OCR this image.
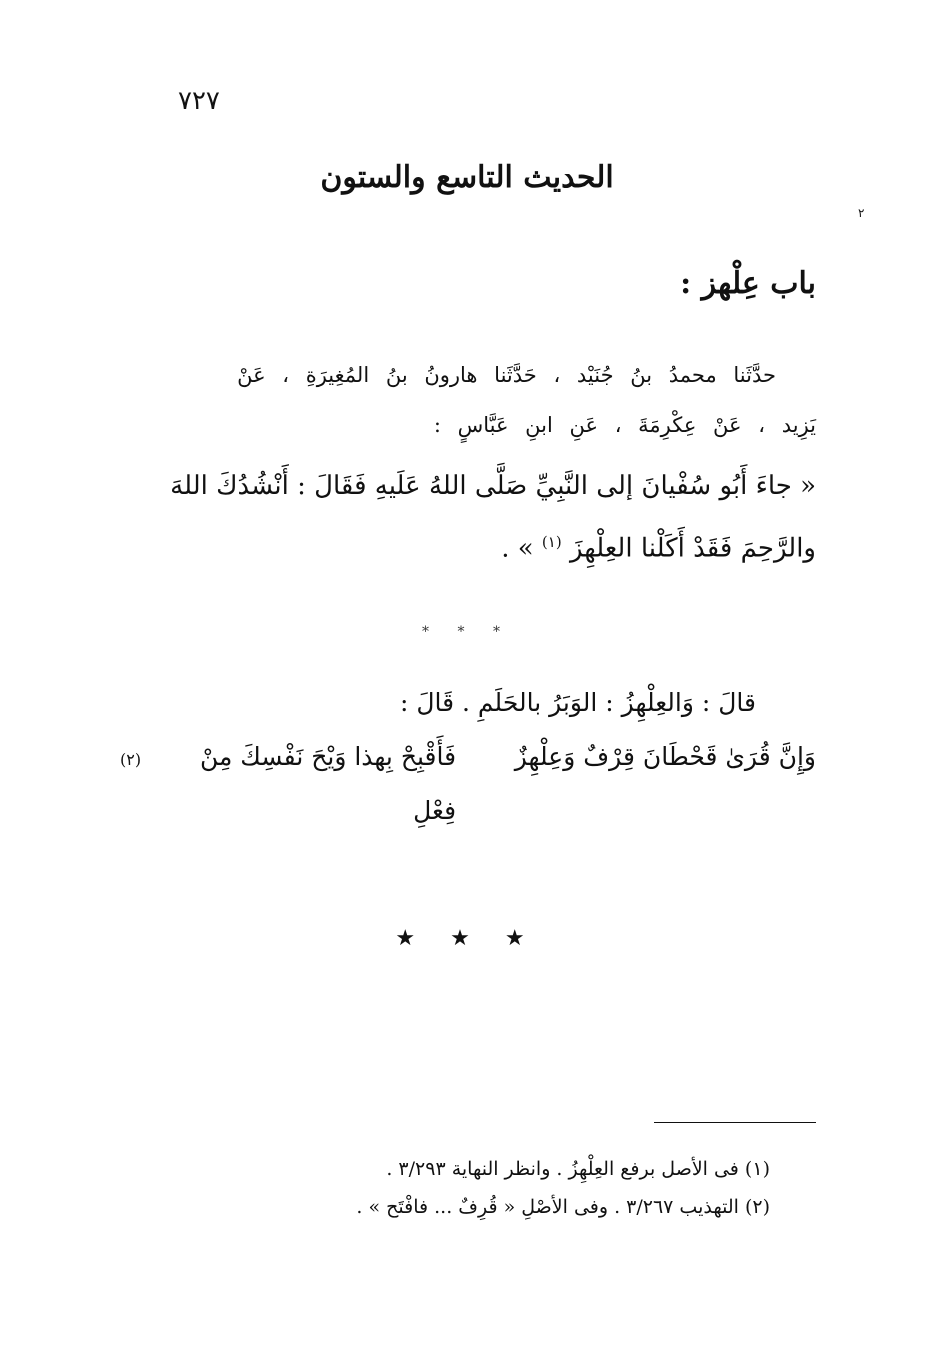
٧٢٧
الحديث التاسع والستون
٢
باب عِلْهز :
حدَّثَنا محمدُ بنُ جُنَيْد ، حَدَّثَنا هارونُ بنُ المُغِيرَةِ ، عَنْ
يَزِيد ، عَنْ عِكْرِمَةَ ، عَنِ ابنِ عَبَّاسٍ :
« جاءَ أَبُو سُفْيانَ إلى النَّبِيِّ صَلَّى اللهُ عَلَيهِ فَقَالَ : أَنْشُدُكَ اللهَ
والرَّحِمَ فَقَدْ أَكَلْنا العِلْهِزَ $^{(١)}$ » .
* * *
قالَ : وَالعِلْهِزُ : الوَبَرُ بالحَلَمِ . قَالَ :
وَإِنَّ قُرَىٰ قَحْطَانَ قِرْفٌ وَعِلْهِزٌ
فَأَقْبِحْ بِهذا وَيْحَ نَفْسِكَ مِنْ فِعْلِ
(٢)
★ ★ ★
(١) فى الأصل برفع العِلْهِزُ . وانظر النهاية ٣/٢٩٣ .
(٢) التهذيب ٣/٢٦٧ . وفى الأصْلِ « قُرِفٌ ... فافْتَح » .
